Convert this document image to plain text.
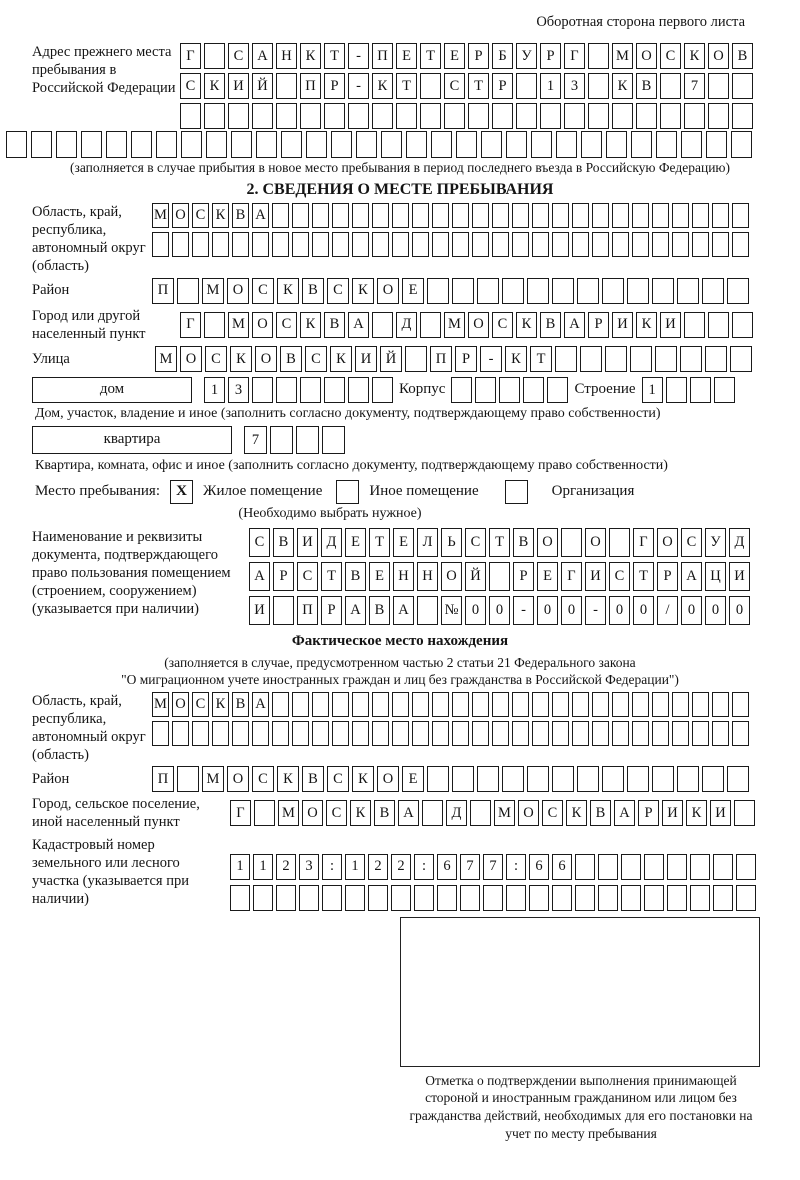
Оборотная сторона первого листа
Адрес прежнего места пребывания в Российской Федерации
Г	С А Н К	Т	-	П Е	Т	Е	Р	Б	У	Р	Г	М О С К О В
С К И Й	П	Р	-	К	Т	С	Т	Р	1	3	К В	7
(заполняется в случае прибытия в новое место пребывания в период последнего въезда в Российскую Федерацию)
2. СВЕДЕНИЯ О МЕСТЕ ПРЕБЫВАНИЯ
Область, край, республика, автономный округ (область)
М О С К В А
Район	П	М О	С	К	В	С	К	О	Е
Город или другой населенный пункт
Г	М О С К В А	Д	М О С К В А	Р	И К И
Улица	М О	С	К	О	В	С	К	И	Й	П	Р	-	К	Т
дом	1	3	Корпус	Строение 1
Дом, участок, владение и иное (заполнить согласно документу, подтверждающему право собственности)
квартира	7
Квартира, комната, офис и иное (заполнить согласно документу, подтверждающему право собственности)
Место пребывания:	X	Жилое помещение	Иное помещение	Организация
(Необходимо выбрать нужное)
Наименование и реквизиты документа, подтверждающего право пользования помещением (строением, сооружением) (указывается при наличии)
С В И Д	Е	Т	Е	Л	Ь	С	Т	В О	О	Г	О С У Д
А	Р	С	Т	В	Е Н Н О Й	Р	Е	Г	И С	Т	Р	А Ц И
И	П	Р	А В А	№ 0	0	-	0	0	-	0	0	/	0	0	0
Фактическое место нахождения
(заполняется в случае, предусмотренном частью 2 статьи 21 Федерального закона
"О миграционном учете иностранных граждан и лиц без гражданства в Российской Федерации")
Область, край, республика, автономный округ (область)
М О С К В А
Район	П	М О	С	К	В	С	К	О	Е
Город, сельское поселение, иной населенный пункт
Г	М О С К В А	Д	М О С К В А	Р	И К И
Кадастровый номер земельного или лесного участка (указывается при наличии)
1	1	2	3	:	1	2	2	:	6	7	7	:	6	6
Отметка о подтверждении выполнения принимающей стороной и иностранным гражданином или лицом без гражданства действий, необходимых для его постановки на учет по месту пребывания
